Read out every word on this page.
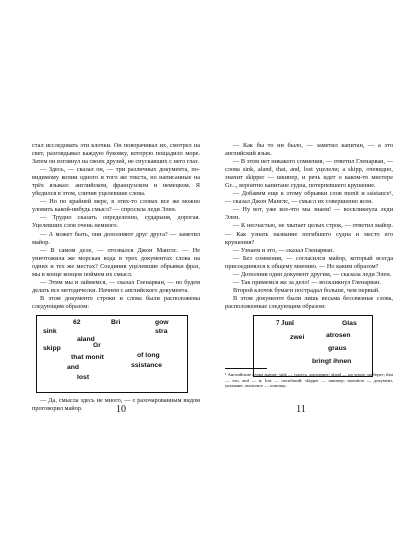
стал исследовать эти клочки. Он поворачивал их, смотрел на свет, разглядывал каждую буковку, которую пощадило море. Затем он взглянул на своих друзей, не спускавших с него глаз.

— Здесь, — сказал он, — три различных документа, по-видимому копии одного и того же текста, но написанные на трёх языках: английском, французском и немецком. Я убедился в этом, сличив уцелевшие слова.

— Но по крайней мере, в этих-то словах все же можно уловить какой-нибудь смысл? — спросила леди Элен.

— Трудно сказать определенно, сударыня, дорогая. Уцелевших слов очень немного.

— А может быть, они дополняют друг друга? — заметил майор.

— В самом деле, — отозвался Джон Манглс. — Не уничтожила же морская вода в трех документах слова на одних и тех же местах? Соединив уцелевшие обрывки фраз, мы в конце концов поймем их смысл.

— Этим мы и займемся, — сказал Гленарван, — но будем делать все методически. Начнем с английского документа.

В этом документе строки и слова были расположены следующим образом:

62	Bri	gow
sink	stra
aland
skipp	Gr
that monit	of long
ssistance
and
lost

— Да, смысла здесь не много, — с разочарованным видом проговорил майор.	10

— Как бы то ни было, — заметил капитан, — а это английский язык.

— В этом нет никакого сомнения, — ответил Гленарван, — слова sink, aland, that, and, lost уцелели; а skipp, очевидно, значит skipper — шкипер, и речь идет о каком-то мистере Gr..., вероятно капитане судна, потерпевшего крушение.

— Добавим еще к этому обрывки слов monit и ssistance¹, — сказал Джон Манглс, — смысл их совершенно ясен.

— Ну вот, уже кое-что мы знаем! — воскликнула леди Элен.

— К несчастью, не хватает целых строк, — ответил майор. — Как узнать название погибшего судна и место его крушения?

— Узнаем и это, — сказал Гленарван.

— Без сомнения, — согласился майор, который всегда присоединялся к общему мнению. — Но каким образом?

— Дополнив один документ другим, — сказала леди Элен.

— Так примемся же за дело! — воскликнул Гленарван.

Второй клочок бумаги пострадал больше, чем первый.

В этом документе были лишь весьма бессвязные слова, расположенные следующим образом:

7 Juni	Glas
zwei	atrosen
graus
bringt ihnen
¹ Английские слова значат: sink — тонуть, крушение; aland — на земле, на берег; that — это; and — и; lost — погибший; skipper — шкипер; monition — документ, указание; assistance — помощь.
11
